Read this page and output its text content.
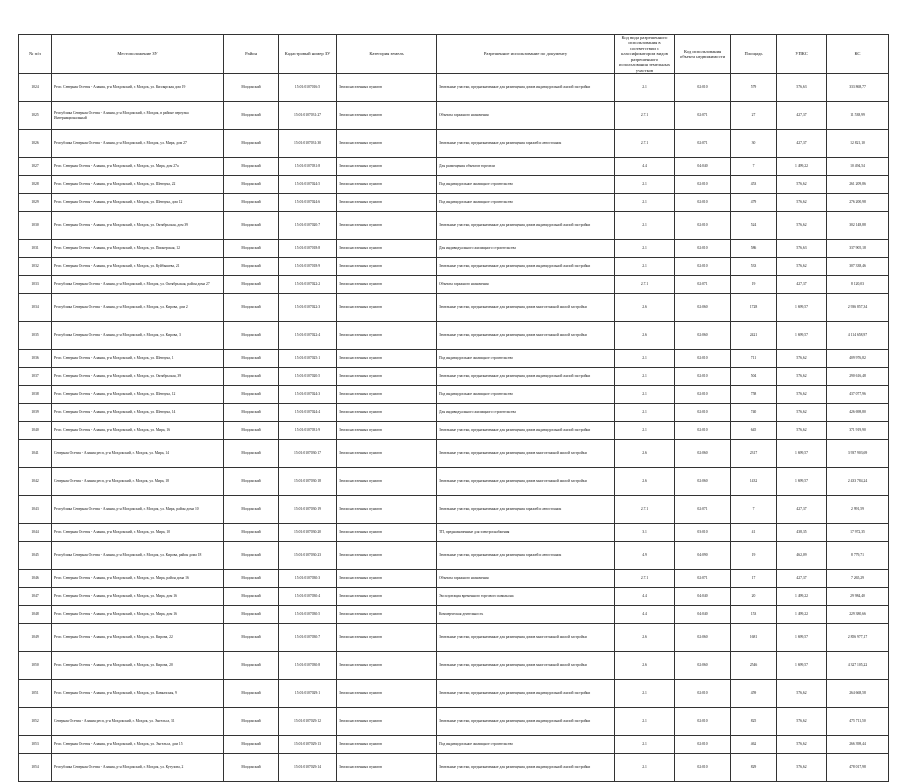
№ п/п	Местоположение ЗУ	Район	Кадастровый номер ЗУ	Категория земель	Разрешенное использование по документу	Код вида разрешенного использования в соответствии с классификатором видов разрешенного использования земельных участков	Код использования объекта недвижимости	Площадь	УПКС	КС
1024	Респ. Северная Осетия - Алания, р-н Моздокский, г. Моздок, ул. Кизлярская дом 19	Моздокский	15:01:0107016:5	Земли населенных пунктов	Земельные участки, предназначенные для размещения домов индивидуальной жилой застройки	2.1	02:010	579	576,63	333 868,77
1025	Республика Северная Осетия - Алания, р-н Моздокский, г. Моздок, в районе переулка Интернациональный	Моздокский	15:01:0107031:27	Земли населенных пунктов	Объекты гаражного назначения	2.7.1	02:071	27	427,37	11 538,99
1026	Республика Северная Осетия - Алания, р-н Моздокский, г. Моздок, ул. Мира, дом 27	Моздокский	15:01:0107031:30	Земли населенных пунктов	Земельные участки, предназначенные для размещения гаражей и автостоянок	2.7.1	02:071	30	427,37	12 821,10
1027	Респ. Северная Осетия - Алания, р-н Моздокский, г. Моздок, ул. Мира, дом 27а	Моздокский	15:01:0107031:8	Земли населенных пунктов	Для размещения объектов торговли	4.4	04:040	7	1 499,22	10 494,54
1028	Респ. Северная Осетия - Алания, р-н Моздокский, г. Моздок, ул. Шевчука, 22	Моздокский	15:01:0107024:5	Земли населенных пунктов	Под индивидуальное жилищное строительство	2.1	02:010	453	576,62	261 209,86
1029	Респ. Северная Осетия - Алания, р-н Моздокский, г. Моздок, ул. Шевчука, дом 12	Моздокский	15:01:0107024:6	Земли населенных пунктов	Под индивидуальное жилищное строительство	2.1	02:010	479	576,62	276 200,98
1030	Респ. Северная Осетия - Алания, р-н Моздокский, г. Моздок, ул. Октябрьская, дом 39	Моздокский	15:01:0107020:7	Земли населенных пунктов	Земельные участки, предназначенные для размещения домов индивидуальной жилой застройки	2.1	02:010	524	576,62	302 148,88
1031	Респ. Северная Осетия - Алания, р-н Моздокский, г. Моздок, ул. Пионерская, 12	Моздокский	15:01:0107018:8	Земли населенных пунктов	Для индивидуального жилищного строительства	2.1	02:010	586	576,63	337 905,18
1032	Респ. Северная Осетия - Алания, р-н Моздокский, г. Моздок, ул. Куйбышева, 21	Моздокский	15:01:0107018:9	Земли населенных пунктов	Земельные участки, предназначенные для размещения домов индивидуальной жилой застройки	2.1	02:010	533	576,62	307 338,46
1033	Республика Северная Осетия - Алания, р-н Моздокский, г. Моздок, ул. Октябрьская, район дома 27	Моздокский	15:01:0107022:2	Земли населенных пунктов	Объекты гаражного назначения	2.7.1	02:071	19	427,37	8 120,03
1034	Республика Северная Осетия - Алания, р-н Моздокский, г. Моздок, ул. Кирова, дом 2	Моздокский	15:01:0107022:3	Земли населенных пунктов	Земельные участки, предназначенные для размещения домов многоэтажной жилой застройки	2.6	02:060	1728	1 699,57	2 936 857,34
1035	Республика Северная Осетия - Алания, р-н Моздокский, г. Моздок, ул. Кирова, 3	Моздокский	15:01:0107022:4	Земли населенных пунктов	Земельные участки, предназначенные для размещения домов многоэтажной жилой застройки	2.6	02:060	2421	1 699,57	4 114 658,97
1036	Респ. Северная Осетия - Алания, р-н Моздокский, г. Моздок, ул. Шевчука, 1	Моздокский	15:01:0107025:1	Земли населенных пунктов	Под индивидуальное жилищное строительство	2.1	02:010	711	576,62	409 976,82
1037	Респ. Северная Осетия - Алания, р-н Моздокский, г. Моздок, ул. Октябрьская, 39	Моздокский	15:01:0107020:5	Земли населенных пунктов	Земельные участки, предназначенные для размещения домов индивидуальной жилой застройки	2.1	02:010	504	576,62	290 616,48
1038	Респ. Северная Осетия - Алания, р-н Моздокский, г. Моздок, ул. Шевчука, 12	Моздокский	15:01:0107024:3	Земли населенных пунктов	Под индивидуальное жилищное строительство	2.1	02:010	758	576,62	437 077,96
1039	Респ. Северная Осетия - Алания, р-н Моздокский, г. Моздок, ул. Шевчука, 14	Моздокский	15:01:0107024:4	Земли населенных пунктов	Для индивидуального жилищного строительства	2.1	02:010	740	576,62	426 698,80
1040	Респ. Северная Осетия - Алания, р-н Моздокский, г. Моздок, ул. Мира, 16	Моздокский	15:01:0107031:9	Земли населенных пунктов	Земельные участки, предназначенные для размещения домов индивидуальной жилой застройки	2.1	02:010	645	576,62	371 919,90
1041	Северная Осетия - Алания респ, р-н Моздокский, г. Моздок, ул. Мира, 14	Моздокский	15:01:0107030:17	Земли населенных пунктов	Земельные участки, предназначенные для размещения домов многоэтажной жилой застройки	2.6	02:060	2317	1 699,57	3 937 903,69
1042	Северная Осетия - Алания респ, р-н Моздокский, г. Моздок, ул. Мира, 18	Моздокский	15:01:0107030:18	Земли населенных пунктов	Земельные участки, предназначенные для размещения домов многоэтажной жилой застройки	2.6	02:060	1432	1 699,57	2 433 784,24
1043	Республика Северная Осетия - Алания, р-н Моздокский, г. Моздок, ул. Мира, район дома 10	Моздокский	15:01:0107030:19	Земли населенных пунктов	Земельные участки, предназначенные для размещения гаражей и автостоянок	2.7.1	02:071	7	427,37	2 991,59
1044	Респ. Северная Осетия - Алания, р-н Моздокский, г. Моздок, ул. Мира, 10	Моздокский	15:01:0107030:20	Земли населенных пунктов	ТП, предназначенные для электроснабжения	3.1	03:010	41	438,35	17 972,35
1045	Республика Северная Осетия - Алания, р-н Моздокский, г. Моздок, ул. Кирова, район дома 18	Моздокский	15:01:0107030:23	Земли населенных пунктов	Земельные участки, предназначенные для размещения гаражей и автостоянок	4.9	04:090	19	462,09	8 779,71
1046	Респ. Северная Осетия - Алания, р-н Моздокский, г. Моздок, ул. Мира, район дома 16	Моздокский	15:01:0107030:3	Земли населенных пунктов	Объекты гаражного назначения	2.7.1	02:071	17	427,37	7 265,29
1047	Респ. Северная Осетия - Алания, р-н Моздокский, г. Моздок, ул. Мира, дом 16	Моздокский	15:01:0107030:4	Земли населенных пунктов	Эксплуатация временного торгового павильона	4.4	04:040	20	1 499,22	29 984,40
1048	Респ. Северная Осетия - Алания, р-н Моздокский, г. Моздок, ул. Мира, дом 16	Моздокский	15:01:0107030:5	Земли населенных пунктов	Коммерческая деятельность	4.4	04:040	153	1 499,22	229 380,66
1049	Респ. Северная Осетия - Алания, р-н Моздокский, г. Моздок, ул. Кирова, 22	Моздокский	15:01:0107030:7	Земли населенных пунктов	Земельные участки, предназначенные для размещения домов многоэтажной жилой застройки	2.6	02:060	1681	1 699,57	2 856 977,17
1050	Респ. Северная Осетия - Алания, р-н Моздокский, г. Моздок, ул. Кирова, 20	Моздокский	15:01:0107030:8	Земли населенных пунктов	Земельные участки, предназначенные для размещения домов многоэтажной жилой застройки	2.6	02:060	2546	1 699,57	4 327 105,22
1051	Респ. Северная Осетия - Алания, р-н Моздокский, г. Моздок, ул. Кавказская, 9	Моздокский	15:01:0107029:1	Земли населенных пунктов	Земельные участки, предназначенные для размещения домов индивидуальной жилой застройки	2.1	02:010	459	576,62	264 668,58
1052	Северная Осетия - Алания респ, р-н Моздокский, г. Моздок, ул. Энгельса, 31	Моздокский	15:01:0107029:12	Земли населенных пунктов	Земельные участки, предназначенные для размещения домов индивидуальной жилой застройки	2.1	02:010	825	576,62	475 711,50
1053	Респ. Северная Осетия - Алания, р-н Моздокский, г. Моздок, ул. Энгельса, дом 15	Моздокский	15:01:0107029:13	Земли населенных пунктов	Под индивидуальное жилищное строительство	2.1	02:010	462	576,62	266 398,44
1054	Республика Северная Осетия - Алания, р-н Моздокский, г. Моздок, ул. Кутузова, 2	Моздокский	15:01:0107029:14	Земли населенных пунктов	Земельные участки, предназначенные для размещения домов индивидуальной жилой застройки	2.1	02:010	829	576,62	478 017,98
